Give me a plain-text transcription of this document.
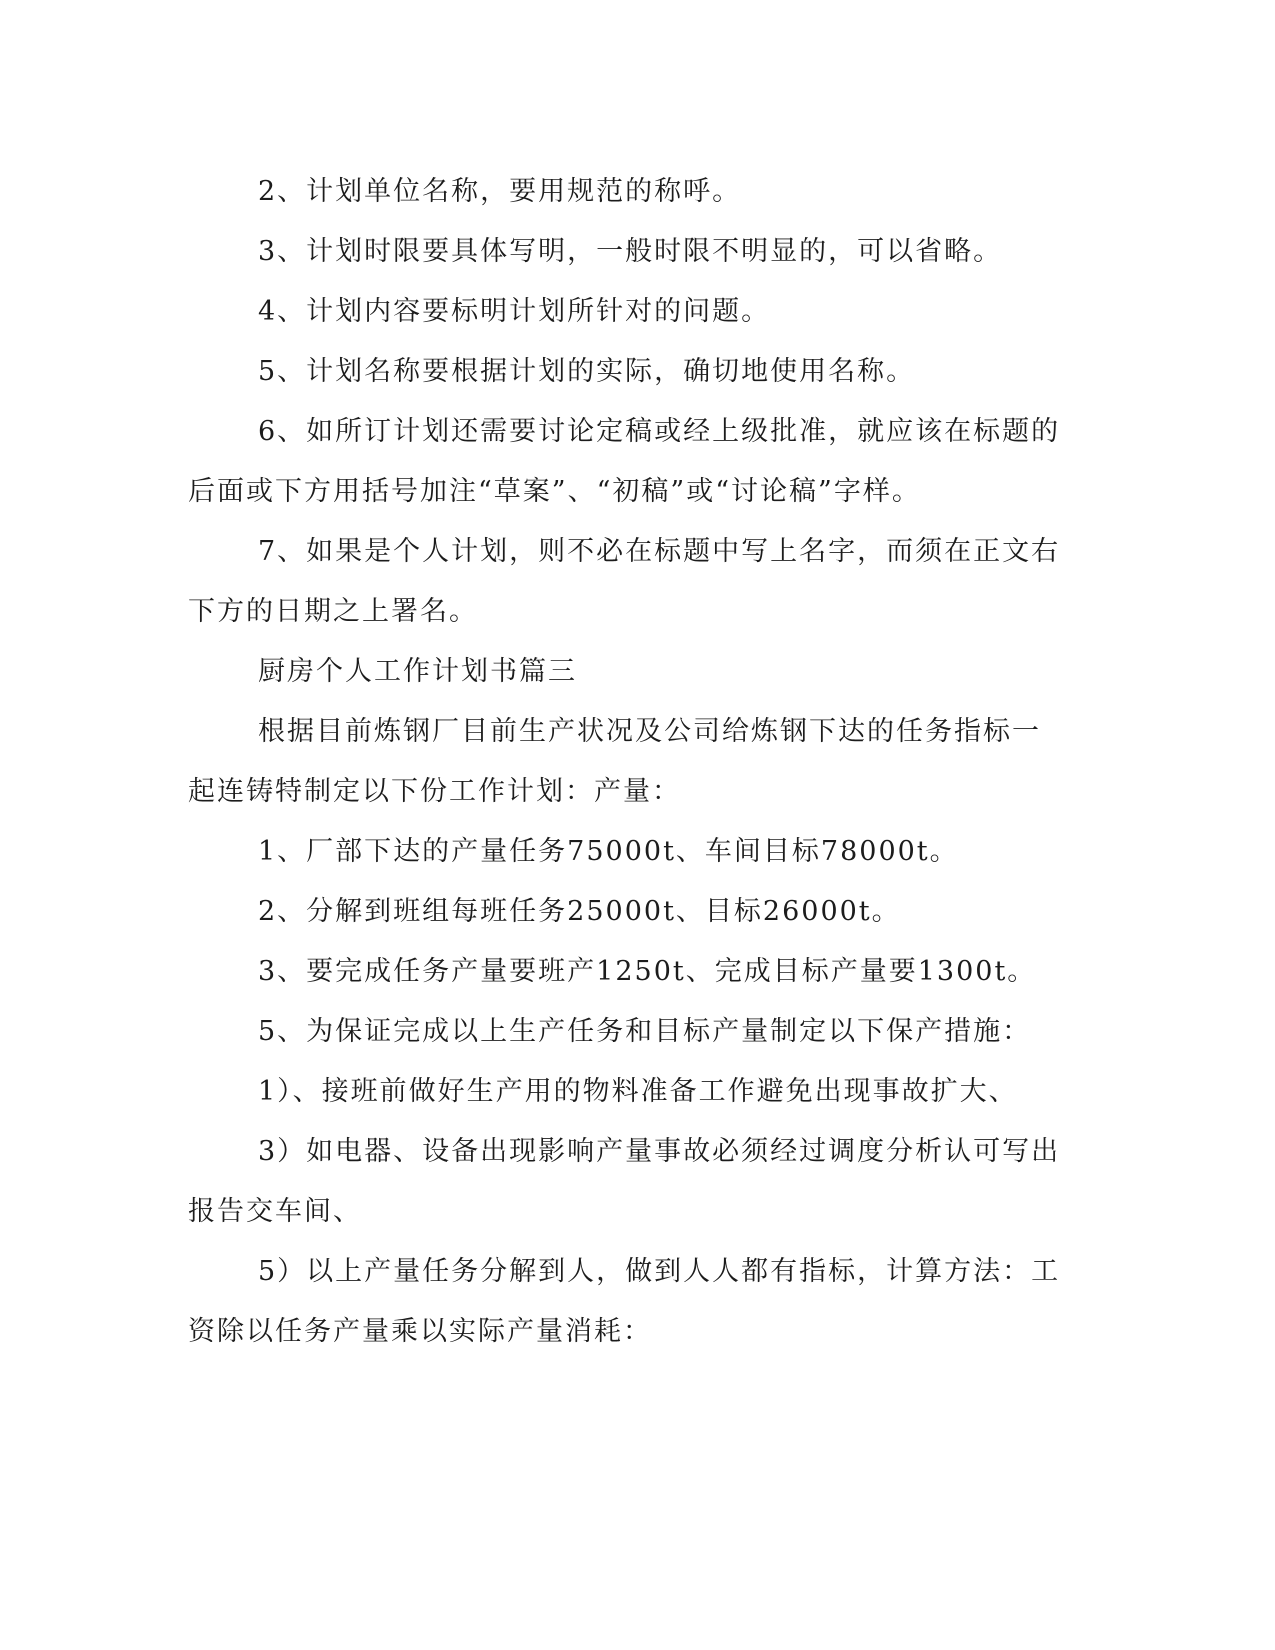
2、计划单位名称，要用规范的称呼。

3、计划时限要具体写明，一般时限不明显的，可以省略。

4、计划内容要标明计划所针对的问题。

5、计划名称要根据计划的实际，确切地使用名称。

6、如所订计划还需要讨论定稿或经上级批准，就应该在标题的后面或下方用括号加注“草案”、“初稿”或“讨论稿”字样。

7、如果是个人计划，则不必在标题中写上名字，而须在正文右下方的日期之上署名。

厨房个人工作计划书篇三

根据目前炼钢厂目前生产状况及公司给炼钢下达的任务指标一起连铸特制定以下份工作计划：产量：

1、厂部下达的产量任务75000t、车间目标78000t。

2、分解到班组每班任务25000t、目标26000t。

3、要完成任务产量要班产1250t、完成目标产量要1300t。

5、为保证完成以上生产任务和目标产量制定以下保产措施：

1）、接班前做好生产用的物料准备工作避免出现事故扩大、

3）如电器、设备出现影响产量事故必须经过调度分析认可写出报告交车间、

5）以上产量任务分解到人，做到人人都有指标，计算方法：工资除以任务产量乘以实际产量消耗：
